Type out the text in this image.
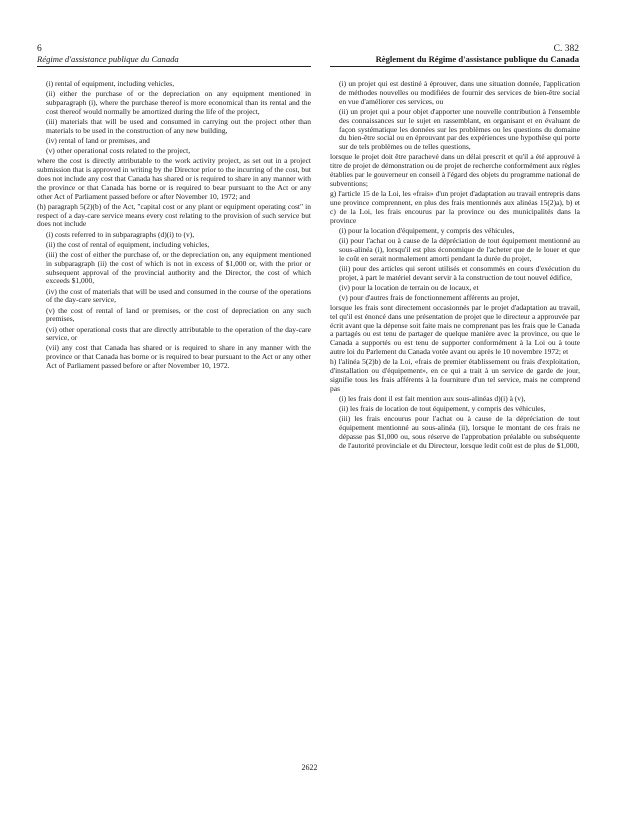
6
Régime d'assistance publique du Canada
C. 382
Règlement du Régime d'assistance publique du Canada

(i) rental of equipment, including vehicles,

(ii) either the purchase of or the depreciation on any equipment mentioned in subparagraph (i), where the purchase thereof is more economical than its rental and the cost thereof would normally be amortized during the life of the project,

(iii) materials that will be used and consumed in carrying out the project other than materials to be used in the construction of any new building,

(iv) rental of land or premises, and

(v) other operational costs related to the project,

where the cost is directly attributable to the work activity project, as set out in a project submission that is approved in writing by the Director prior to the incurring of the cost, but does not include any cost that Canada has shared or is required to share in any manner with the province or that Canada has borne or is required to bear pursuant to the Act or any other Act of Parliament passed before or after November 10, 1972; and

(h) paragraph 5(2)(b) of the Act, "capital cost or any plant or equipment operating cost" in respect of a day-care service means every cost relating to the provision of such service but does not include

(i) costs referred to in subparagraphs (d)(i) to (v),

(ii) the cost of rental of equipment, including vehicles,

(iii) the cost of either the purchase of, or the depreciation on, any equipment mentioned in subparagraph (ii) the cost of which is not in excess of $1,000 or, with the prior or subsequent approval of the provincial authority and the Director, the cost of which exceeds $1,000,

(iv) the cost of materials that will be used and consumed in the course of the operations of the day-care service,

(v) the cost of rental of land or premises, or the cost of depreciation on any such premises,

(vi) other operational costs that are directly attributable to the operation of the day-care service, or

(vii) any cost that Canada has shared or is required to share in any manner with the province or that Canada has borne or is required to bear pursuant to the Act or any other Act of Parliament passed before or after November 10, 1972.

(i) un projet qui est destiné à éprouver, dans une situation donnée, l'application de méthodes nouvelles ou modifiées de fournir des services de bien-être social en vue d'améliorer ces services, ou

(ii) un projet qui a pour objet d'apporter une nouvelle contribution à l'ensemble des connaissances sur le sujet en rassemblant, en organisant et en évaluant de façon systématique les données sur les problèmes ou les questions du domaine du bien-être social ou en éprouvant par des expériences une hypothèse qui porte sur de tels problèmes ou de telles questions,

lorsque le projet doit être parachevé dans un délai prescrit et qu'il a été approuvé à titre de projet de démonstration ou de projet de recherche conformément aux règles établies par le gouverneur en conseil à l'égard des objets du programme national de subventions;

g) l'article 15 de la Loi, les «frais» d'un projet d'adaptation au travail entrepris dans une province comprennent, en plus des frais mentionnés aux alinéas 15(2)a), b) et c) de la Loi, les frais encourus par la province ou des municipalités dans la province

(i) pour la location d'équipement, y compris des véhicules,

(ii) pour l'achat ou à cause de la dépréciation de tout équipement mentionné au sous-alinéa (i), lorsqu'il est plus économique de l'acheter que de le louer et que le coût en serait normalement amorti pendant la durée du projet,

(iii) pour des articles qui seront utilisés et consommés en cours d'exécution du projet, à part le matériel devant servir à la construction de tout nouvel édifice,

(iv) pour la location de terrain ou de locaux, et

(v) pour d'autres frais de fonctionnement afférents au projet,

lorsque les frais sont directement occasionnés par le projet d'adaptation au travail, tel qu'il est énoncé dans une présentation de projet que le directeur a approuvée par écrit avant que la dépense soit faite mais ne comprenant pas les frais que le Canada a partagés ou est tenu de partager de quelque manière avec la province, ou que le Canada a supportés ou est tenu de supporter conformément à la Loi ou à toute autre loi du Parlement du Canada votée avant ou après le 10 novembre 1972; et

h) l'alinéa 5(2)b) de la Loi, «frais de premier établissement ou frais d'exploitation, d'installation ou d'équipement», en ce qui a trait à un service de garde de jour, signifie tous les frais afférents à la fourniture d'un tel service, mais ne comprend pas

(i) les frais dont il est fait mention aux sous-alinéas d)(i) à (v),

(ii) les frais de location de tout équipement, y compris des véhicules,

(iii) les frais encourus pour l'achat ou à cause de la dépréciation de tout équipement mentionné au sous-alinéa (ii), lorsque le montant de ces frais ne dépasse pas $1,000 ou, sous réserve de l'approbation préalable ou subséquente de l'autorité provinciale et du Directeur, lorsque ledit coût est de plus de $1,000,

2622
